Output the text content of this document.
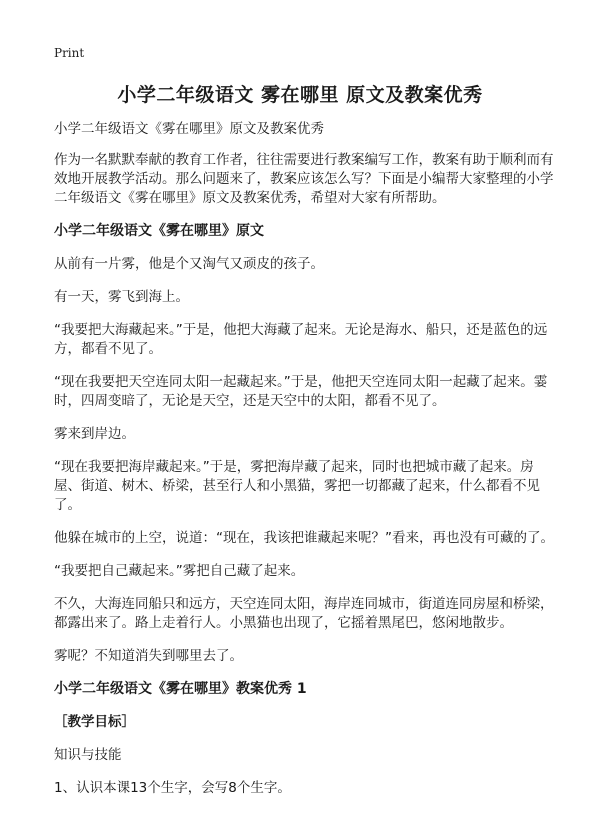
Print
小学二年级语文 雾在哪里 原文及教案优秀

小学二年级语文《雾在哪里》原文及教案优秀

作为一名默默奉献的教育工作者，往往需要进行教案编写工作，教案有助于顺利而有效地开展教学活动。那么问题来了，教案应该怎么写？下面是小编帮大家整理的小学二年级语文《雾在哪里》原文及教案优秀，希望对大家有所帮助。

小学二年级语文《雾在哪里》原文

从前有一片雾，他是个又淘气又顽皮的孩子。

有一天，雾飞到海上。

“我要把大海藏起来。”于是，他把大海藏了起来。无论是海水、船只，还是蓝色的远方，都看不见了。

“现在我要把天空连同太阳一起藏起来。”于是，他把天空连同太阳一起藏了起来。霎时，四周变暗了，无论是天空，还是天空中的太阳，都看不见了。

雾来到岸边。

“现在我要把海岸藏起来。”于是，雾把海岸藏了起来，同时也把城市藏了起来。房屋、街道、树木、桥梁，甚至行人和小黑猫，雾把一切都藏了起来，什么都看不见了。

他躲在城市的上空，说道：“现在，我该把谁藏起来呢？”看来，再也没有可藏的了。

“我要把自己藏起来。”雾把自己藏了起来。

不久，大海连同船只和远方，天空连同太阳，海岸连同城市，街道连同房屋和桥梁，都露出来了。路上走着行人。小黑猫也出现了，它摇着黑尾巴，悠闲地散步。

雾呢？不知道消失到哪里去了。

小学二年级语文《雾在哪里》教案优秀 1

［教学目标］

知识与技能

1、认识本课13个生字，会写8个生字。
